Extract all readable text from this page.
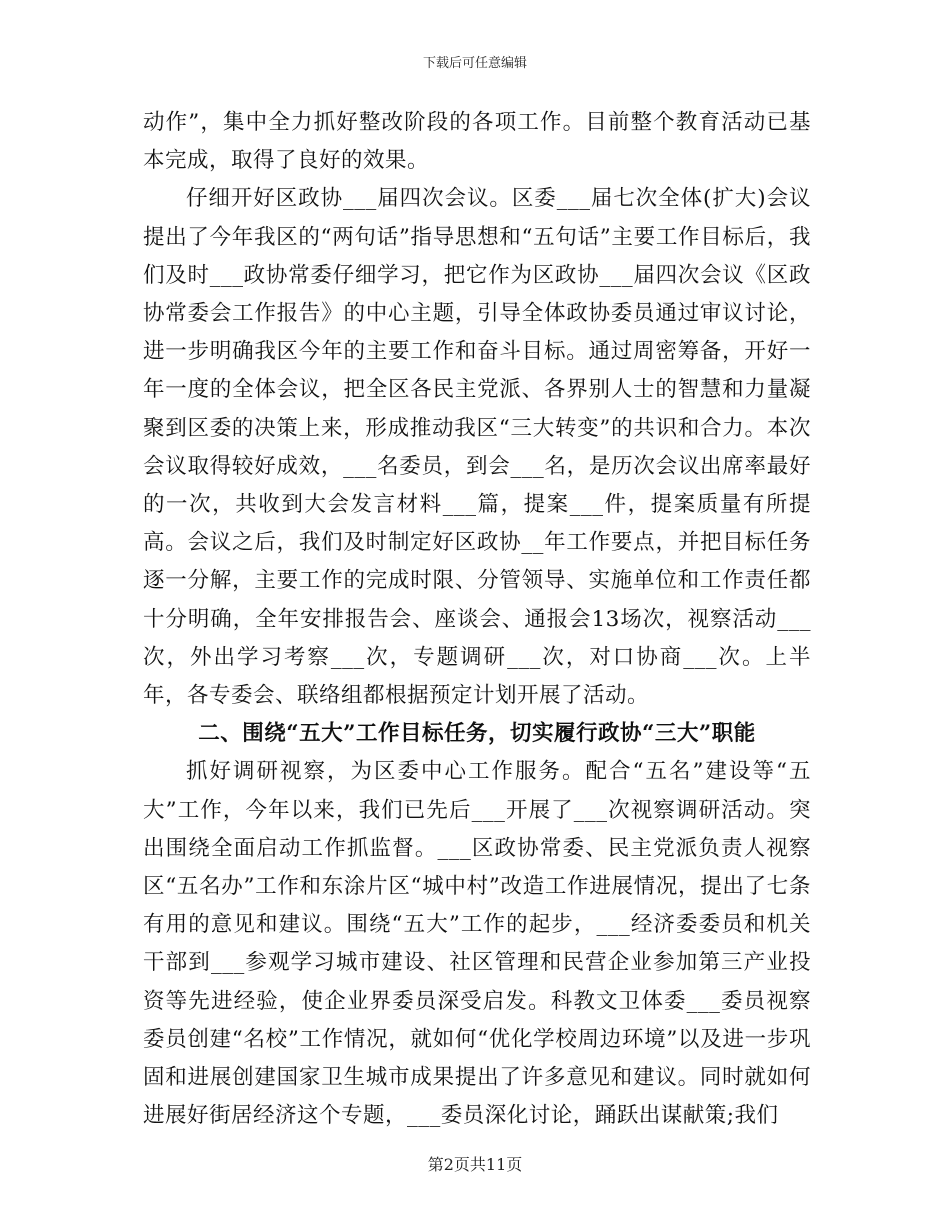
下载后可任意编辑

动作”，集中全力抓好整改阶段的各项工作。目前整个教育活动已基本完成，取得了良好的效果。

仔细开好区政协___届四次会议。区委___届七次全体(扩大)会议提出了今年我区的“两句话”指导思想和“五句话”主要工作目标后，我们及时___政协常委仔细学习，把它作为区政协___届四次会议《区政协常委会工作报告》的中心主题，引导全体政协委员通过审议讨论，进一步明确我区今年的主要工作和奋斗目标。通过周密筹备，开好一年一度的全体会议，把全区各民主党派、各界别人士的智慧和力量凝聚到区委的决策上来，形成推动我区“三大转变”的共识和合力。本次会议取得较好成效，___名委员，到会___名，是历次会议出席率最好的一次，共收到大会发言材料___篇，提案___件，提案质量有所提高。会议之后，我们及时制定好区政协__年工作要点，并把目标任务逐一分解，主要工作的完成时限、分管领导、实施单位和工作责任都十分明确，全年安排报告会、座谈会、通报会13场次，视察活动___次，外出学习考察___次，专题调研___次，对口协商___次。上半年，各专委会、联络组都根据预定计划开展了活动。

二、围绕“五大”工作目标任务，切实履行政协“三大”职能

抓好调研视察，为区委中心工作服务。配合“五名”建设等“五大”工作，今年以来，我们已先后___开展了___次视察调研活动。突出围绕全面启动工作抓监督。___区政协常委、民主党派负责人视察区“五名办”工作和东涂片区“城中村”改造工作进展情况，提出了七条有用的意见和建议。围绕“五大”工作的起步，___经济委委员和机关干部到___参观学习城市建设、社区管理和民营企业参加第三产业投资等先进经验，使企业界委员深受启发。科教文卫体委___委员视察委员创建“名校”工作情况，就如何“优化学校周边环境”以及进一步巩固和进展创建国家卫生城市成果提出了许多意见和建议。同时就如何进展好街居经济这个专题，___委员深化讨论，踊跃出谋献策;我们

第2页共11页
